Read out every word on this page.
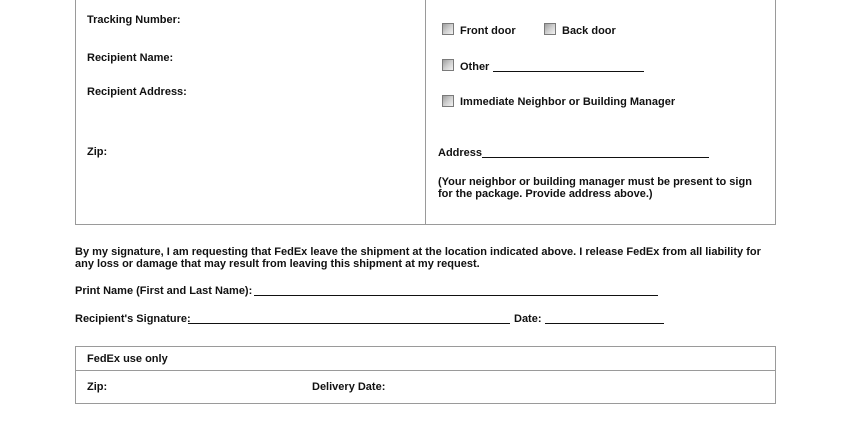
Tracking Number:
Recipient Name:
Recipient Address:
Zip:
Front door	Back door
Other
Immediate Neighbor or Building Manager
Address
(Your neighbor or building manager must be present to sign for the package. Provide address above.)
By my signature, I am requesting that FedEx leave the shipment at the location indicated above. I release FedEx from all liability for any loss or damage that may result from leaving this shipment at my request.
Print Name (First and Last Name):
Recipient's Signature:	Date:
FedEx use only
Zip:	Delivery Date:
